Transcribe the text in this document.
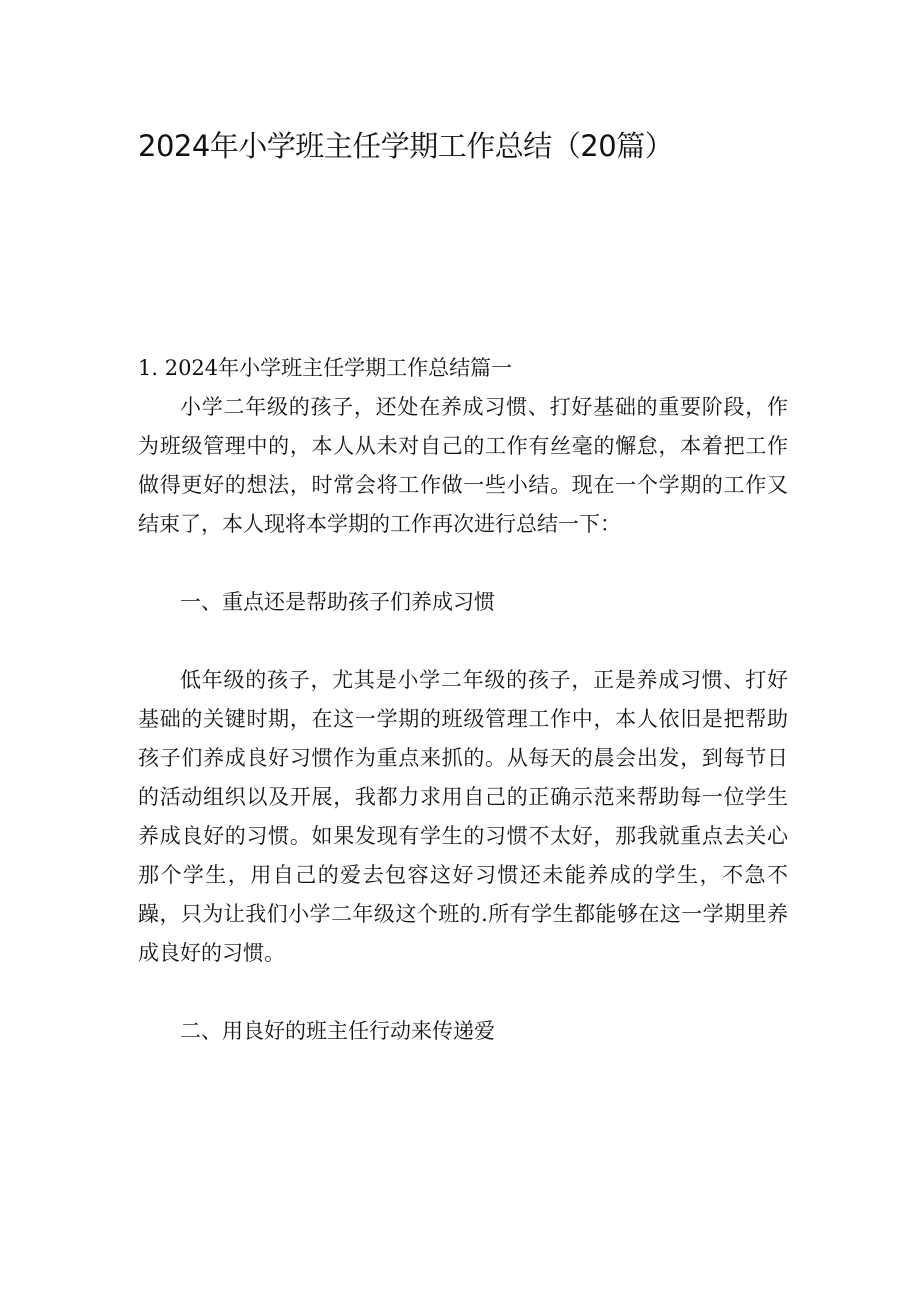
2024年小学班主任学期工作总结（20篇）

1. 2024年小学班主任学期工作总结篇一

小学二年级的孩子，还处在养成习惯、打好基础的重要阶段，作为班级管理中的，本人从未对自己的工作有丝毫的懈怠，本着把工作做得更好的想法，时常会将工作做一些小结。现在一个学期的工作又结束了，本人现将本学期的工作再次进行总结一下：

一、重点还是帮助孩子们养成习惯

低年级的孩子，尤其是小学二年级的孩子，正是养成习惯、打好基础的关键时期，在这一学期的班级管理工作中，本人依旧是把帮助孩子们养成良好习惯作为重点来抓的。从每天的晨会出发，到每节日的活动组织以及开展，我都力求用自己的正确示范来帮助每一位学生养成良好的习惯。如果发现有学生的习惯不太好，那我就重点去关心那个学生，用自己的爱去包容这好习惯还未能养成的学生，不急不躁，只为让我们小学二年级这个班的.所有学生都能够在这一学期里养成良好的习惯。

二、用良好的班主任行动来传递爱
